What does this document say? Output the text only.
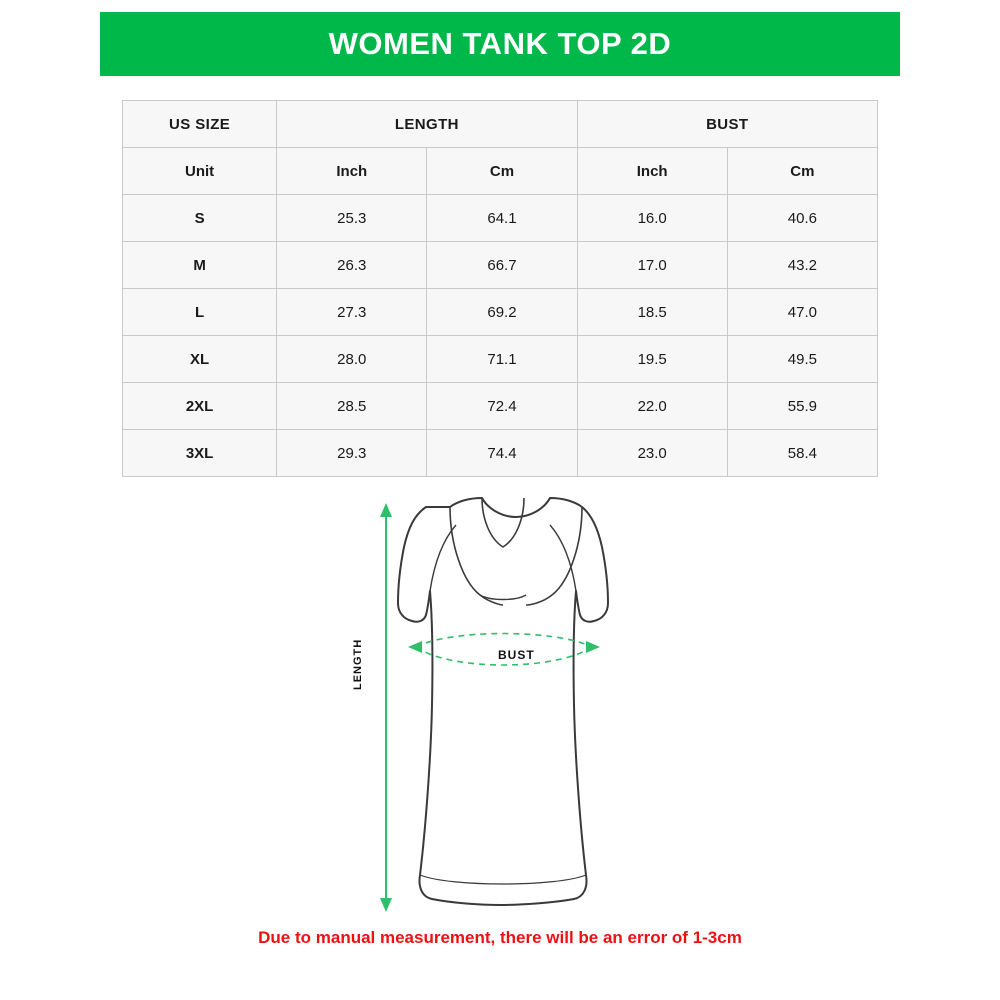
WOMEN TANK TOP 2D
US SIZE	LENGTH		BUST	
Unit	Inch	Cm	Inch	Cm
S	25.3	64.1	16.0	40.6
M	26.3	66.7	17.0	43.2
L	27.3	69.2	18.5	47.0
XL	28.0	71.1	19.5	49.5
2XL	28.5	72.4	22.0	55.9
3XL	29.3	74.4	23.0	58.4
LENGTH	BUST
Due to manual measurement, there will be an error of 1-3cm
